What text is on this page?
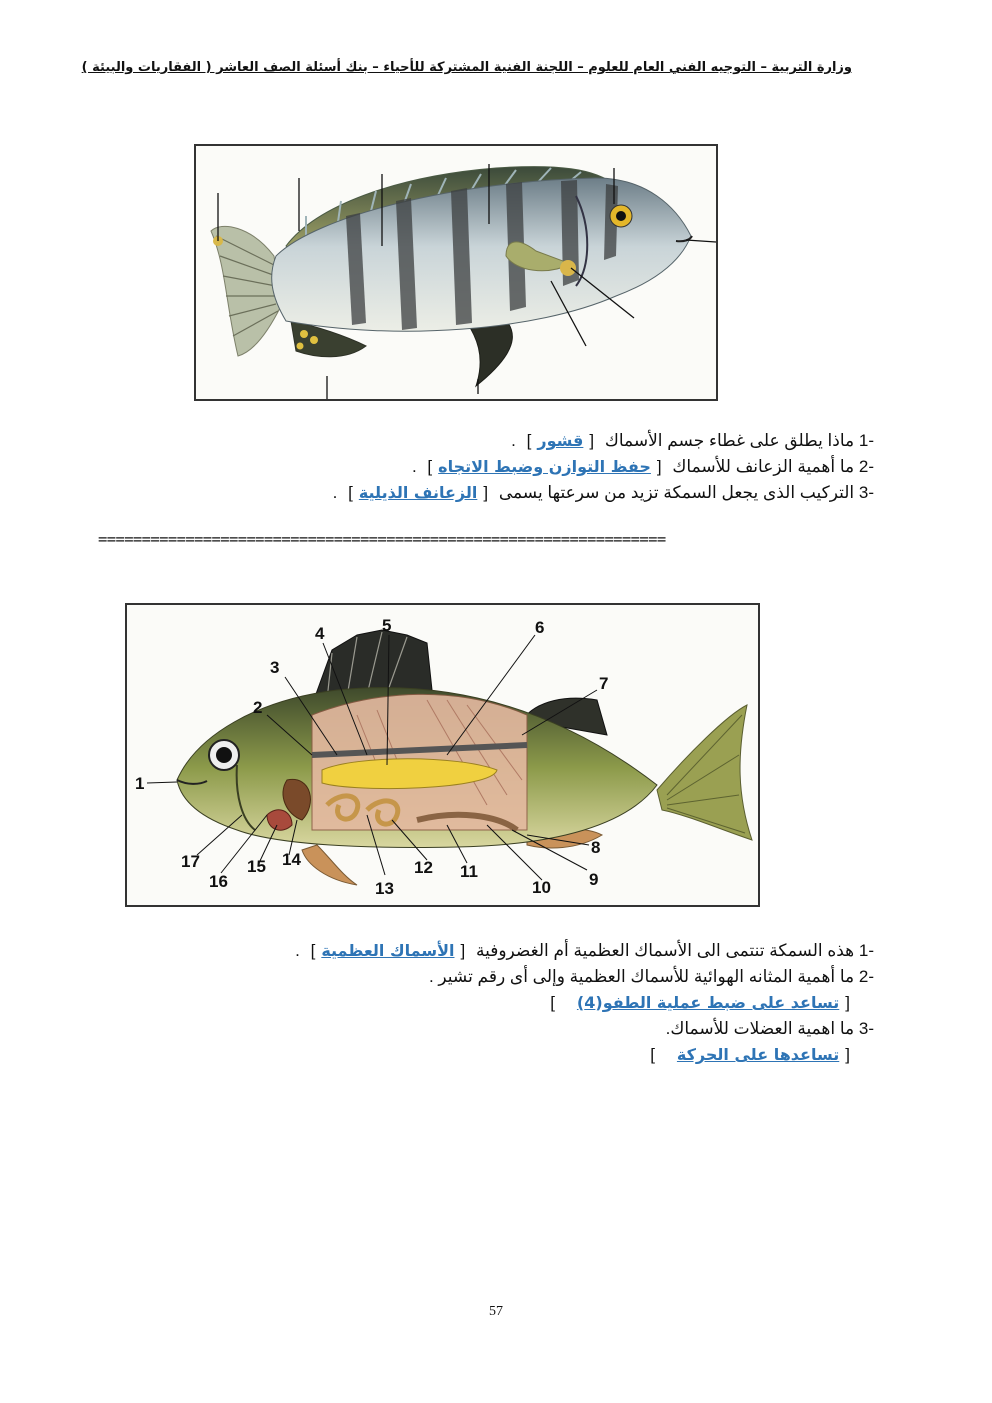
وزارة التربية – التوجيه الفني العام للعلوم – اللجنة الفنية المشتركة للأحياء – بنك أسئلة الصف العاشر ( الفقاريات والبيئة )
1- ماذا يطلق على غطاء جسم الأسماك [قشور] .
2- ما أهمية الزعانف للأسماك [حفظ التوازن وضبط الاتجاه] .
3- التركيب الذى يجعل السمكة تزيد من سرعتها يسمى [الزعانف الذيلية] .
=================================================================
1
2
3
4	5	6
7
8
9
10
11
12
13
14
15
16
17
1- هذه السمكة تنتمى الى الأسماك العظمية أم الغضروفية [الأسماك العظمية] .
2- ما أهمية المثانه الهوائية للأسماك العظمية وإلى أى رقم تشير .
[تساعد على ضبط عملية الطفو(4)]
3- ما اهمية العضلات للأسماك.
[تساعدها على الحركة]
57
